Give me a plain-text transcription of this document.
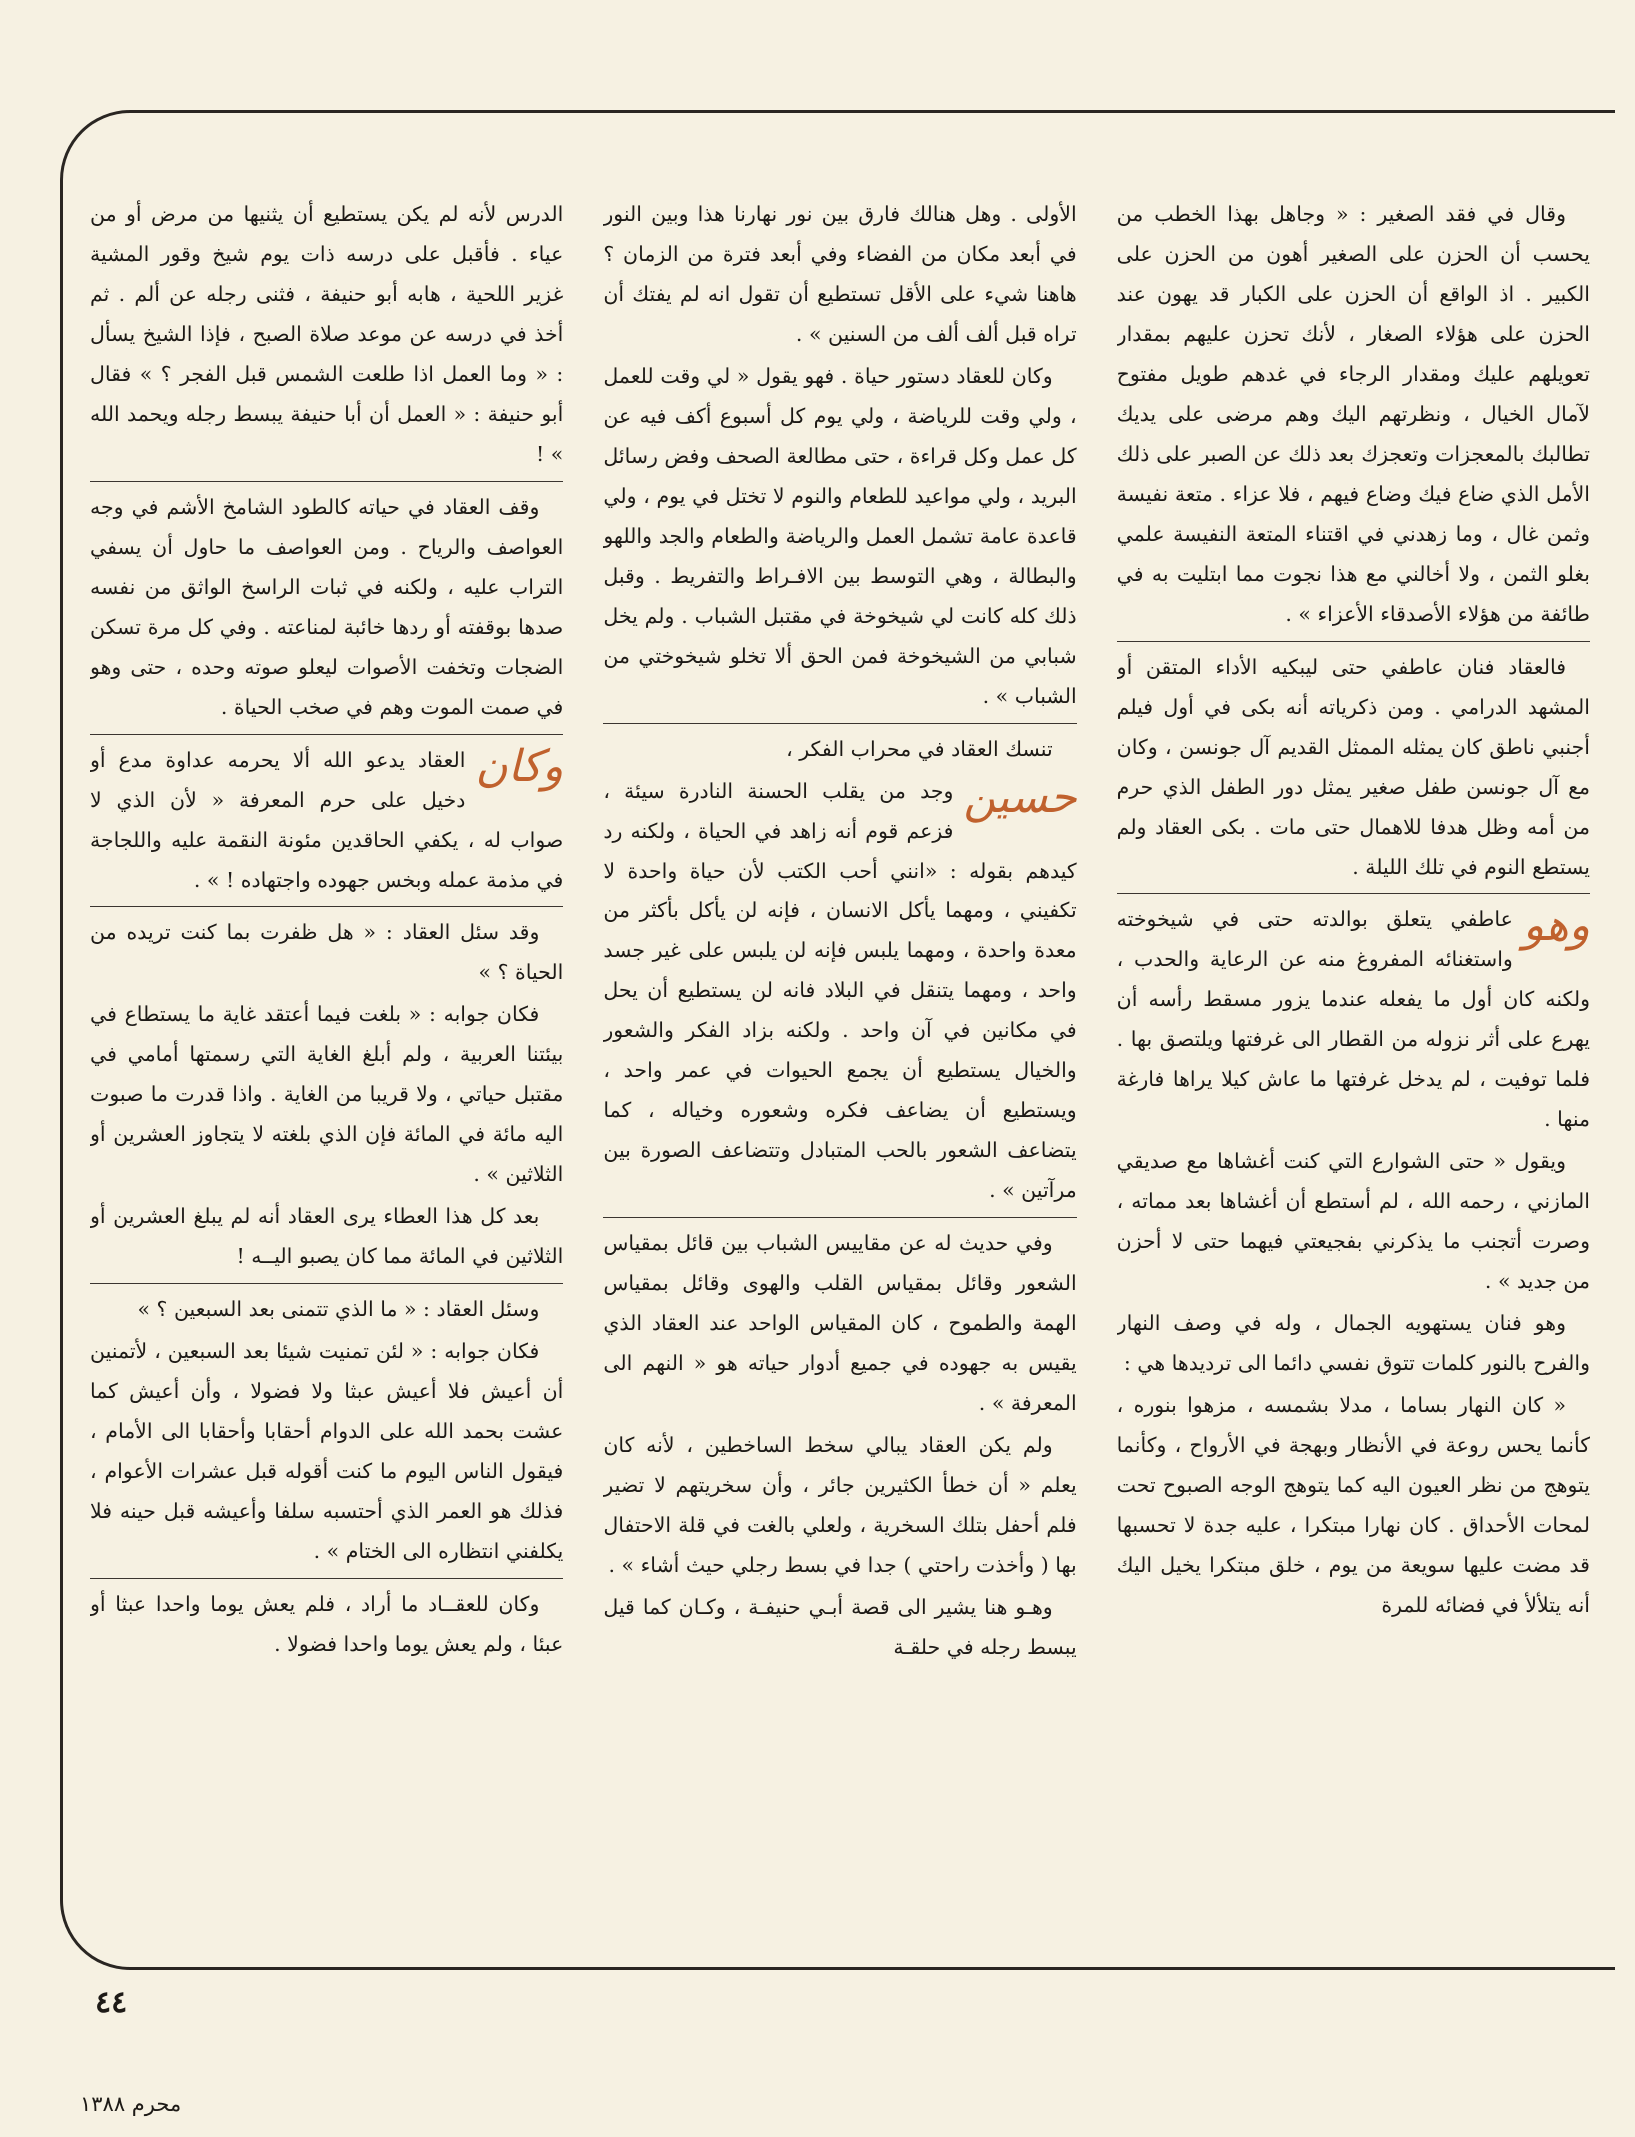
وقال في فقد الصغير : « وجاهل بهذا الخطب من يحسب أن الحزن على الصغير أهون من الحزن على الكبير . اذ الواقع أن الحزن على الكبار قد يهون عند الحزن على هؤلاء الصغار ، لأنك تحزن عليهم بمقدار تعويلهم عليك ومقدار الرجاء في غدهم طويل مفتوح لآمال الخيال ، ونظرتهم اليك وهم مرضى على يديك تطالبك بالمعجزات وتعجزك بعد ذلك عن الصبر على ذلك الأمل الذي ضاع فيك وضاع فيهم ، فلا عزاء . متعة نفيسة وثمن غال ، وما زهدني في اقتناء المتعة النفيسة علمي بغلو الثمن ، ولا أخالني مع هذا نجوت مما ابتليت به في طائفة من هؤلاء الأصدقاء الأعزاء » .

فالعقاد فنان عاطفي حتى ليبكيه الأداء المتقن أو المشهد الدرامي . ومن ذكرياته أنه بكى في أول فيلم أجنبي ناطق كان يمثله الممثل القديم آل جونسن ، وكان مع آل جونسن طفل صغير يمثل دور الطفل الذي حرم من أمه وظل هدفا للاهمال حتى مات . بكى العقاد ولم يستطع النوم في تلك الليلة .

وهو
عاطفي يتعلق بوالدته حتى في شيخوخته واستغنائه المفروغ منه عن الرعاية والحدب ، ولكنه كان أول ما يفعله عندما يزور مسقط رأسه أن يهرع على أثر نزوله من القطار الى غرفتها ويلتصق بها . فلما توفيت ، لم يدخل غرفتها ما عاش كيلا يراها فارغة منها .

ويقول « حتى الشوارع التي كنت أغشاها مع صديقي المازني ، رحمه الله ، لم أستطع أن أغشاها بعد مماته ، وصرت أتجنب ما يذكرني بفجيعتي فيهما حتى لا أحزن من جديد » .

وهو فنان يستهويه الجمال ، وله في وصف النهار والفرح بالنور كلمات تتوق نفسي دائما الى ترديدها هي :

« كان النهار بساما ، مدلا بشمسه ، مزهوا بنوره ، كأنما يحس روعة في الأنظار وبهجة في الأرواح ، وكأنما يتوهج من نظر العيون اليه كما يتوهج الوجه الصبوح تحت لمحات الأحداق . كان نهارا مبتكرا ، عليه جدة لا تحسبها قد مضت عليها سويعة من يوم ، خلق مبتكرا يخيل اليك أنه يتلألأ في فضائه للمرة

الأولى . وهل هنالك فارق بين نور نهارنا هذا وبين النور في أبعد مكان من الفضاء وفي أبعد فترة من الزمان ؟ هاهنا شيء على الأقل تستطيع أن تقول انه لم يفتك أن تراه قبل ألف ألف من السنين » .

وكان للعقاد دستور حياة . فهو يقول « لي وقت للعمل ، ولي وقت للرياضة ، ولي يوم كل أسبوع أكف فيه عن كل عمل وكل قراءة ، حتى مطالعة الصحف وفض رسائل البريد ، ولي مواعيد للطعام والنوم لا تختل في يوم ، ولي قاعدة عامة تشمل العمل والرياضة والطعام والجد واللهو والبطالة ، وهي التوسط بين الافـراط والتفريط . وقبل ذلك كله كانت لي شيخوخة في مقتبل الشباب . ولم يخل شبابي من الشيخوخة فمن الحق ألا تخلو شيخوختي من الشباب » .

تنسك العقاد في محراب الفكر ،

حسين
وجد من يقلب الحسنة النادرة سيئة ، فزعم قوم أنه زاهد في الحياة ، ولكنه رد كيدهم بقوله : «انني أحب الكتب لأن حياة واحدة لا تكفيني ، ومهما يأكل الانسان ، فإنه لن يأكل بأكثر من معدة واحدة ، ومهما يلبس فإنه لن يلبس على غير جسد واحد ، ومهما يتنقل في البلاد فانه لن يستطيع أن يحل في مكانين في آن واحد . ولكنه بزاد الفكر والشعور والخيال يستطيع أن يجمع الحيوات في عمر واحد ، ويستطيع أن يضاعف فكره وشعوره وخياله ، كما يتضاعف الشعور بالحب المتبادل وتتضاعف الصورة بين مرآتين » .

وفي حديث له عن مقاييس الشباب بين قائل بمقياس الشعور وقائل بمقياس القلب والهوى وقائل بمقياس الهمة والطموح ، كان المقياس الواحد عند العقاد الذي يقيس به جهوده في جميع أدوار حياته هو « النهم الى المعرفة » .

ولم يكن العقاد يبالي سخط الساخطين ، لأنه كان يعلم « أن خطأ الكثيرين جائر ، وأن سخريتهم لا تضير فلم أحفل بتلك السخرية ، ولعلي بالغت في قلة الاحتفال بها ( وأخذت راحتي ) جدا في بسط رجلي حيث أشاء » .

وهـو هنا يشير الى قصة أبـي حنيفـة ، وكـان كما قيل يبسط رجله في حلقـة

الدرس لأنه لم يكن يستطيع أن يثنيها من مرض أو من عياء . فأقبل على درسه ذات يوم شيخ وقور المشية غزير اللحية ، هابه أبو حنيفة ، فثنى رجله عن ألم . ثم أخذ في درسه عن موعد صلاة الصبح ، فإذا الشيخ يسأل : « وما العمل اذا طلعت الشمس قبل الفجر ؟ » فقال أبو حنيفة : « العمل أن أبا حنيفة يبسط رجله ويحمد الله » !

وقف العقاد في حياته كالطود الشامخ الأشم في وجه العواصف والرياح . ومن العواصف ما حاول أن يسفي التراب عليه ، ولكنه في ثبات الراسخ الواثق من نفسه صدها بوقفته أو ردها خائبة لمناعته . وفي كل مرة تسكن الضجات وتخفت الأصوات ليعلو صوته وحده ، حتى وهو في صمت الموت وهم في صخب الحياة .

وكان
العقاد يدعو الله ألا يحرمه عداوة مدع أو دخيل على حرم المعرفة « لأن الذي لا صواب له ، يكفي الحاقدين مئونة النقمة عليه واللجاجة في مذمة عمله وبخس جهوده واجتهاده ! » .

وقد سئل العقاد : « هل ظفرت بما كنت تريده من الحياة ؟ »

فكان جوابه : « بلغت فيما أعتقد غاية ما يستطاع في بيئتنا العربية ، ولم أبلغ الغاية التي رسمتها أمامي في مقتبل حياتي ، ولا قريبا من الغاية . واذا قدرت ما صبوت اليه مائة في المائة فإن الذي بلغته لا يتجاوز العشرين أو الثلاثين » .

بعد كل هذا العطاء يرى العقاد أنه لم يبلغ العشرين أو الثلاثين في المائة مما كان يصبو اليــه !

وسئل العقاد : « ما الذي تتمنى بعد السبعين ؟ »

فكان جوابه : « لئن تمنيت شيئا بعد السبعين ، لأتمنين أن أعيش فلا أعيش عبثا ولا فضولا ، وأن أعيش كما عشت بحمد الله على الدوام أحقابا وأحقابا الى الأمام ، فيقول الناس اليوم ما كنت أقوله قبل عشرات الأعوام ، فذلك هو العمر الذي أحتسبه سلفا وأعيشه قبل حينه فلا يكلفني انتظاره الى الختام » .

وكان للعقــاد ما أراد ، فلم يعش يوما واحدا عبثا أو عبئا ، ولم يعش يوما واحدا فضولا .

٤٤
محرم ١٣٨٨
